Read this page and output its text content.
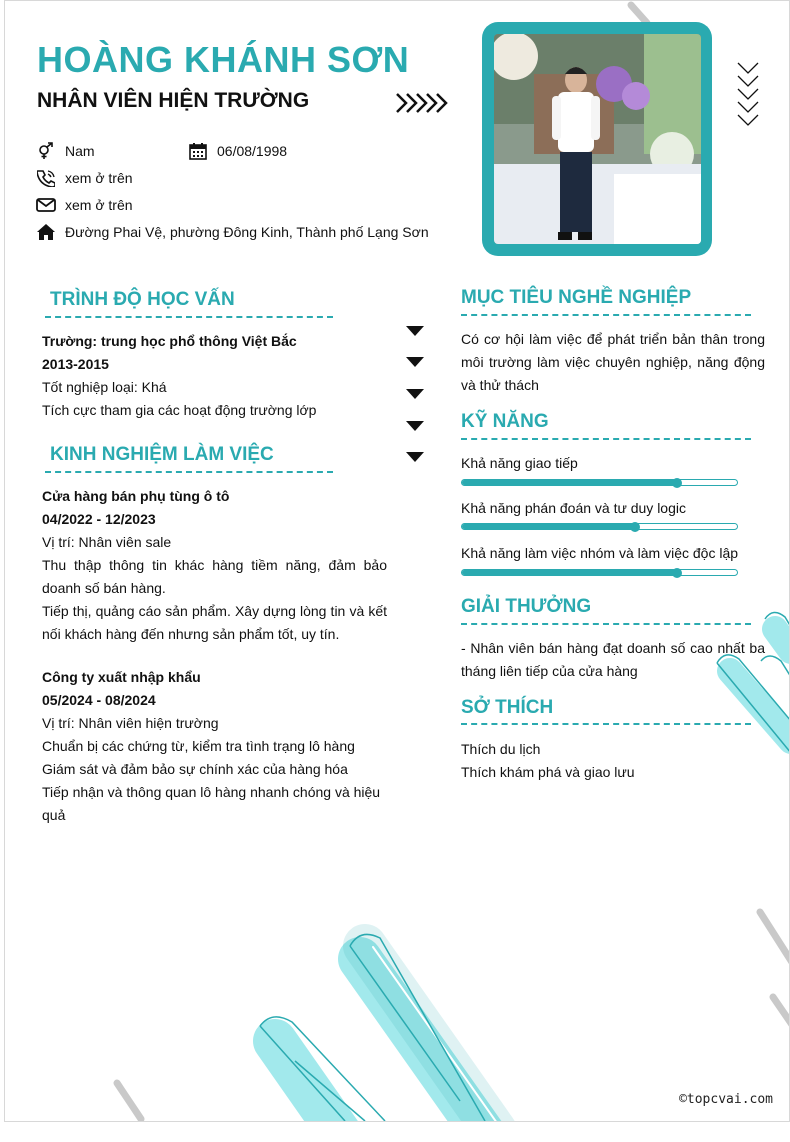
HOÀNG KHÁNH SƠN
NHÂN VIÊN HIỆN TRƯỜNG
Nam	06/08/1998
xem ở trên
xem ở trên
Đường Phai Vệ, phường Đông Kinh, Thành phố Lạng Sơn
TRÌNH ĐỘ HỌC VẤN
Trường: trung học phổ thông Việt Bắc
2013-2015
Tốt nghiệp loại: Khá
Tích cực tham gia các hoạt động trường lớp
KINH NGHIỆM LÀM VIỆC
Cửa hàng bán phụ tùng ô tô
04/2022 - 12/2023
Vị trí: Nhân viên sale
Thu thập thông tin khác hàng tiềm năng, đảm bảo doanh số bán hàng.
Tiếp thị, quảng cáo sản phẩm. Xây dựng lòng tin và kết nối khách hàng đến nhưng sản phẩm tốt, uy tín.
Công ty xuất nhập khẩu
05/2024 - 08/2024
Vị trí: Nhân viên hiện trường
Chuẩn bị các chứng từ, kiểm tra tình trạng lô hàng
Giám sát và đảm bảo sự chính xác của hàng hóa
Tiếp nhận và thông quan lô hàng nhanh chóng và hiệu quả
MỤC TIÊU NGHỀ NGHIỆP
Có cơ hội làm việc để phát triển bản thân trong môi trường làm việc chuyên nghiệp, năng động và thử thách
KỸ NĂNG
Khả năng giao tiếp
Khả năng phán đoán và tư duy logic
Khả năng làm việc nhóm và làm việc độc lập
GIẢI THƯỞNG
- Nhân viên bán hàng đạt doanh số cao nhất ba tháng liên tiếp của cửa hàng
SỞ THÍCH
Thích du lịch
Thích khám phá và giao lưu
©topcvai.com
